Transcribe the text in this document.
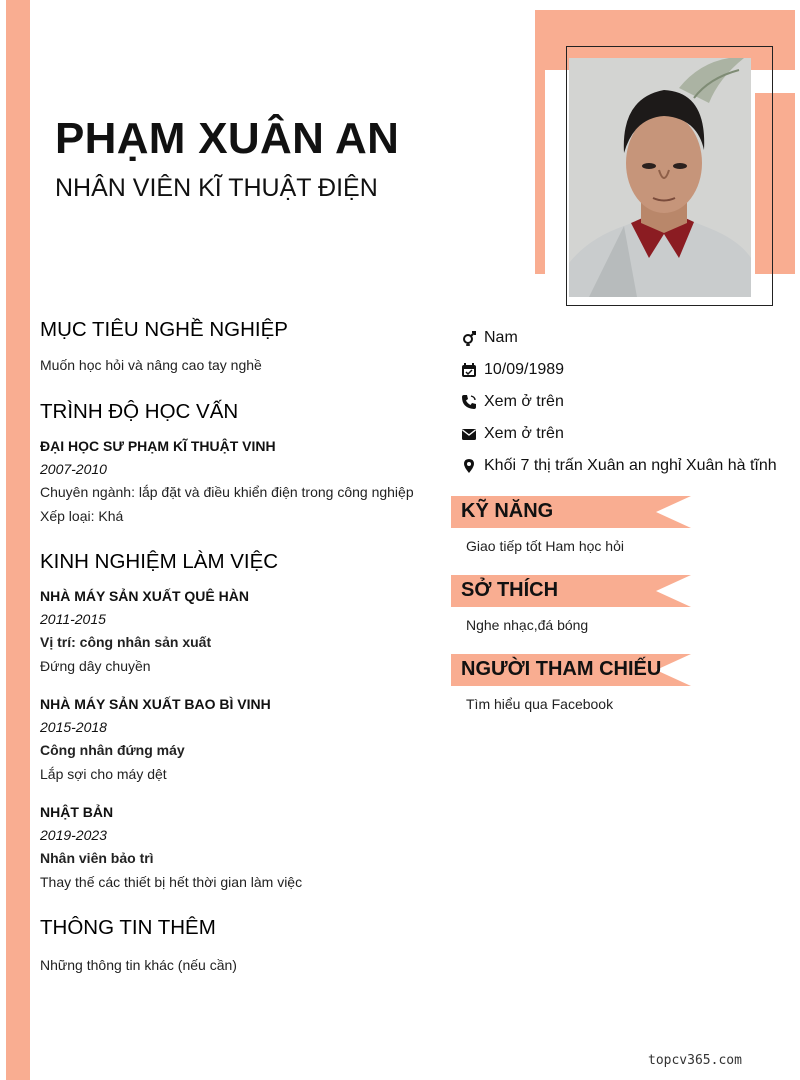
PHẠM XUÂN AN
NHÂN VIÊN KĨ THUẬT ĐIỆN
MỤC TIÊU NGHỀ NGHIỆP

Muốn học hỏi và nâng cao tay nghề

TRÌNH ĐỘ HỌC VẤN

ĐẠI HỌC SƯ PHẠM KĨ THUẬT VINH

2007-2010

Chuyên ngành: lắp đặt và điều khiển điện trong công nghiệp

Xếp loại: Khá

KINH NGHIỆM LÀM VIỆC

NHÀ MÁY SẢN XUẤT QUÊ HÀN

2011-2015

Vị trí: công nhân sản xuất

Đứng dây chuyền

NHÀ MÁY SẢN XUẤT BAO BÌ VINH

2015-2018

Công nhân đứng máy

Lắp sợi cho máy dệt

NHẬT BẢN

2019-2023

Nhân viên bảo trì

Thay thế các thiết bị hết thời gian làm việc

THÔNG TIN THÊM

Những thông tin khác (nếu cần)

Nam
10/09/1989
Xem ở trên
Xem ở trên
Khối 7 thị trấn Xuân an nghỉ Xuân hà tĩnh
KỸ NĂNG
Giao tiếp tốt Ham học hỏi
SỞ THÍCH
Nghe nhạc,đá bóng
NGƯỜI THAM CHIẾU
Tìm hiểu qua Facebook
topcv365.com
